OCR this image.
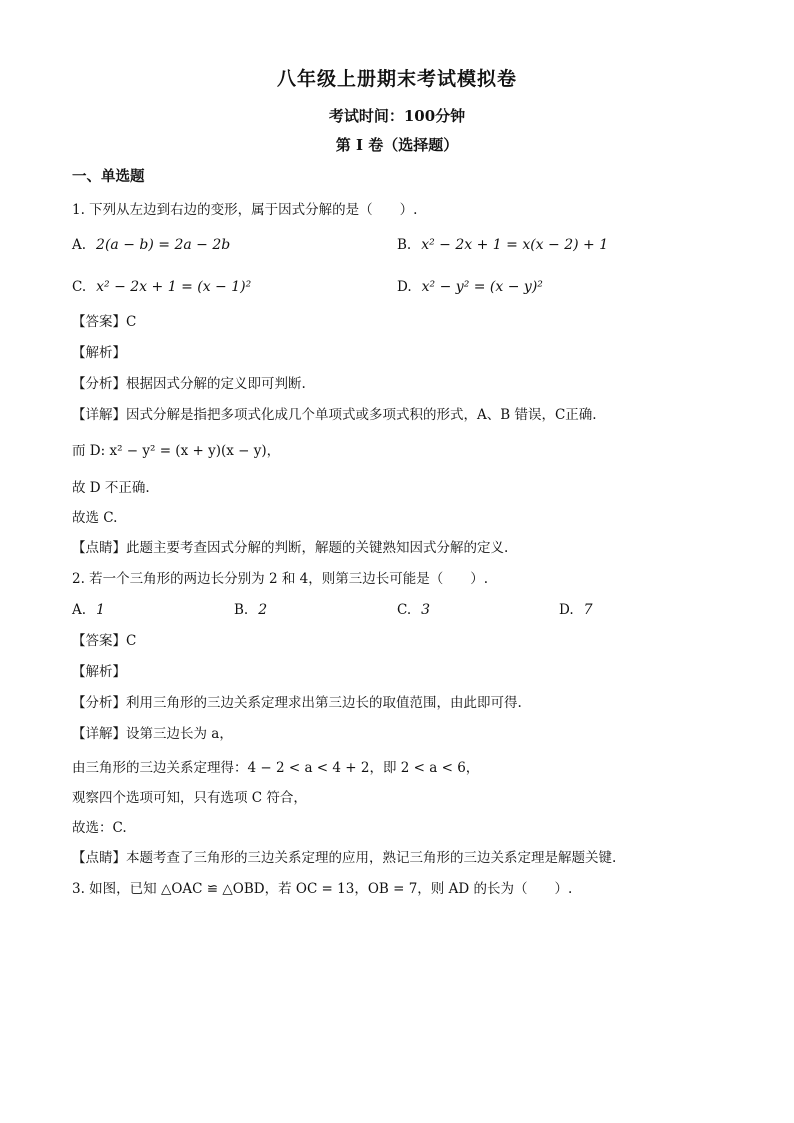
八年级上册期末考试模拟卷
考试时间：100分钟
第 I 卷（选择题）
一、单选题
1. 下列从左边到右边的变形，属于因式分解的是（　　）.
A. 2(a − b) = 2a − 2b	B. x² − 2x + 1 = x(x − 2) + 1
C. x² − 2x + 1 = (x − 1)²	D. x² − y² = (x − y)²
【答案】C
【解析】
【分析】根据因式分解的定义即可判断.
【详解】因式分解是指把多项式化成几个单项式或多项式积的形式，A、B 错误，C正确.
而 D: x² − y² = (x + y)(x − y)，
故 D 不正确.
故选 C.
【点睛】此题主要考查因式分解的判断，解题的关键熟知因式分解的定义.
2. 若一个三角形的两边长分别为 2 和 4，则第三边长可能是（　　）.
A. 1	B. 2	C. 3	D. 7
【答案】C
【解析】
【分析】利用三角形的三边关系定理求出第三边长的取值范围，由此即可得.
【详解】设第三边长为 a，
由三角形的三边关系定理得：4 − 2 < a < 4 + 2，即 2 < a < 6，
观察四个选项可知，只有选项 C 符合，
故选：C.
【点睛】本题考查了三角形的三边关系定理的应用，熟记三角形的三边关系定理是解题关键.
3. 如图，已知 △OAC ≌ △OBD，若 OC = 13，OB = 7，则 AD 的长为（　　）.
